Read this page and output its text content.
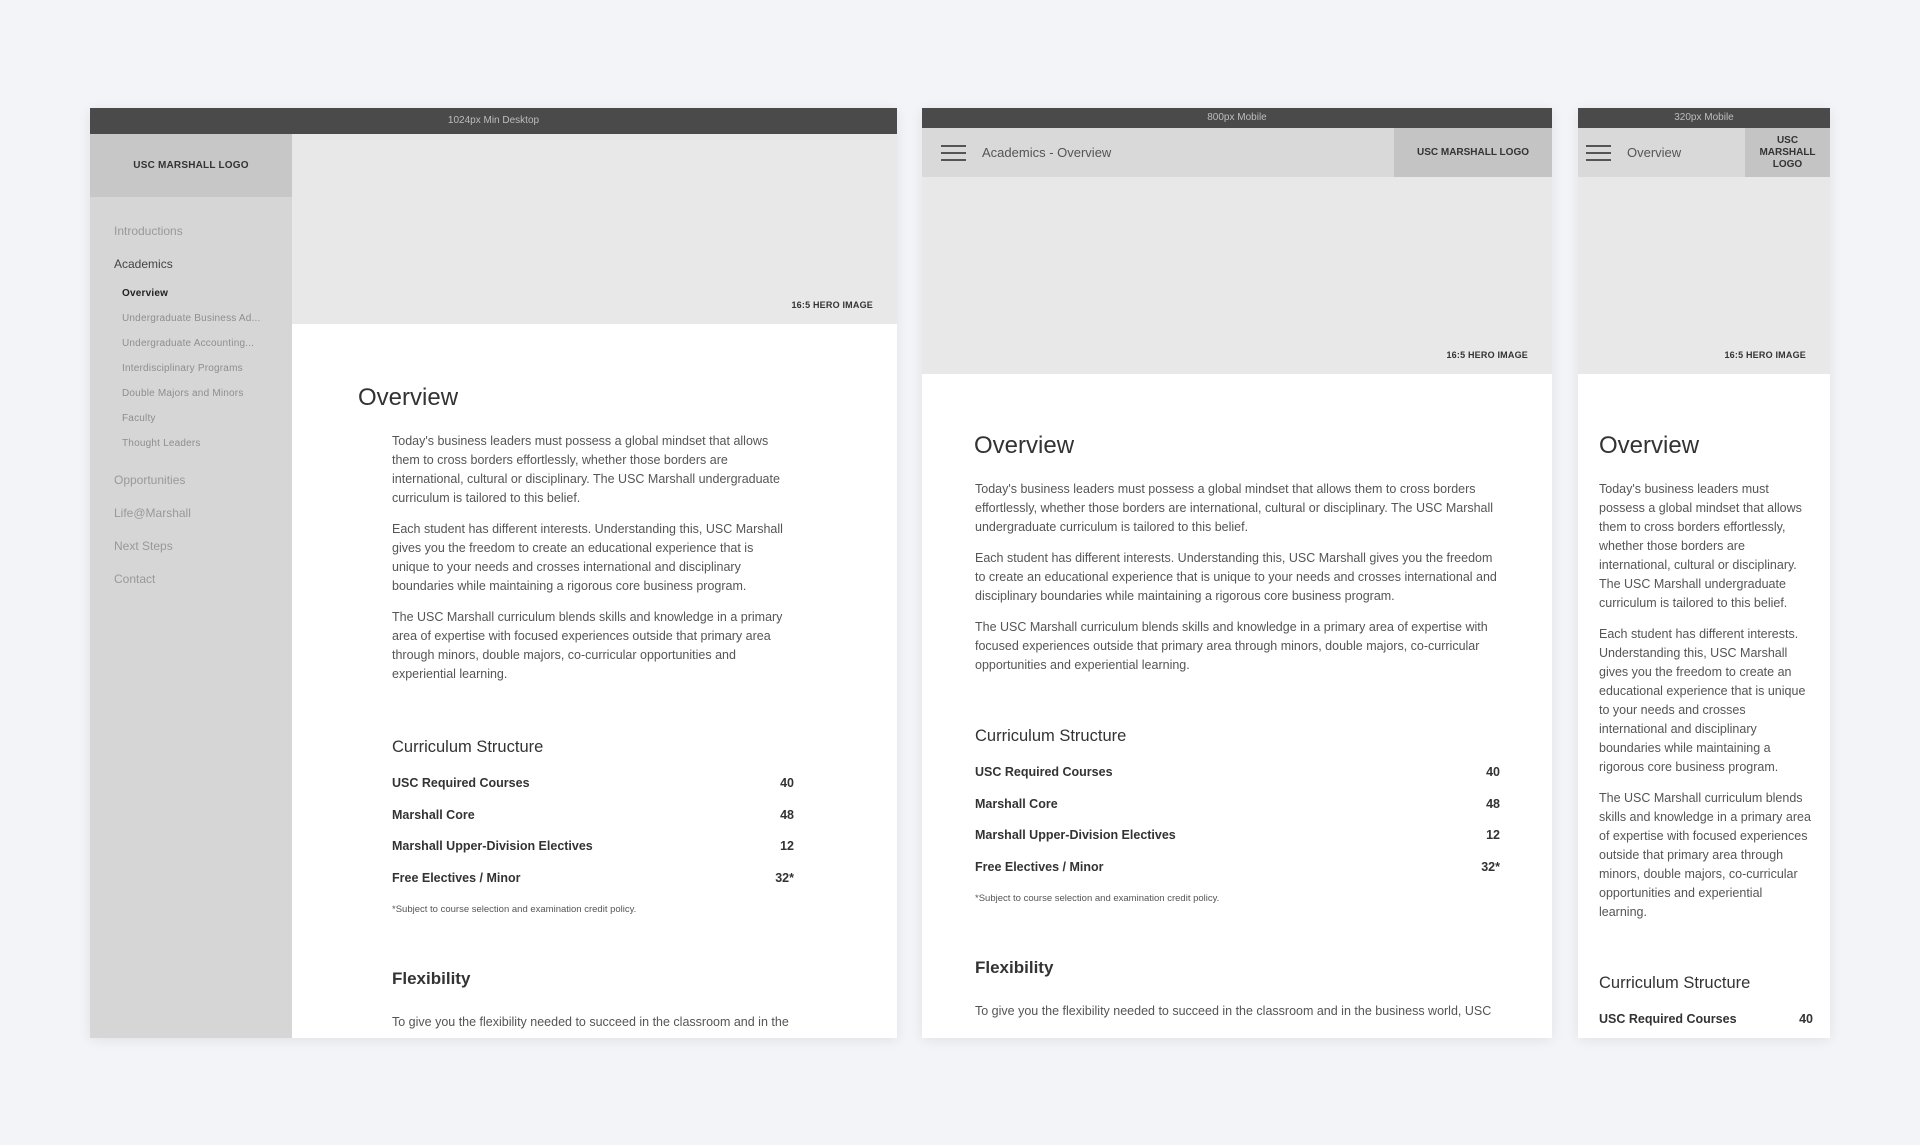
1024px Min Desktop
USC MARSHALL LOGO
Introductions
Academics
Overview
Undergraduate Business Ad...
Undergraduate Accounting...
Interdisciplinary Programs
Double Majors and Minors
Faculty
Thought Leaders
Opportunities
Life@Marshall
Next Steps
Contact
16:5 HERO IMAGE
Overview

Today's business leaders must possess a global mindset that allows them to cross borders effortlessly, whether those borders are international, cultural or disciplinary. The USC Marshall undergraduate curriculum is tailored to this belief.

Each student has different interests. Understanding this, USC Marshall gives you the freedom to create an educational experience that is unique to your needs and crosses international and disciplinary boundaries while maintaining a rigorous core business program.

The USC Marshall curriculum blends skills and knowledge in a primary area of expertise with focused experiences outside that primary area through minors, double majors, co-curricular opportunities and experiential learning.

Curriculum Structure
USC Required Courses	40
Marshall Core	48
Marshall Upper-Division Electives	12
Free Electives / Minor	32*
*Subject to course selection and examination credit policy.
Flexibility

To give you the flexibility needed to succeed in the classroom and in the

800px Mobile
Academics - Overview	USC MARSHALL LOGO
16:5 HERO IMAGE
Overview

Today's business leaders must possess a global mindset that allows them to cross borders effortlessly, whether those borders are international, cultural or disciplinary. The USC Marshall undergraduate curriculum is tailored to this belief.

Each student has different interests. Understanding this, USC Marshall gives you the freedom to create an educational experience that is unique to your needs and crosses international and disciplinary boundaries while maintaining a rigorous core business program.

The USC Marshall curriculum blends skills and knowledge in a primary area of expertise with focused experiences outside that primary area through minors, double majors, co-curricular opportunities and experiential learning.

Curriculum Structure
USC Required Courses	40
Marshall Core	48
Marshall Upper-Division Electives	12
Free Electives / Minor	32*
*Subject to course selection and examination credit policy.
Flexibility

To give you the flexibility needed to succeed in the classroom and in the business world, USC

320px Mobile
Overview
USC MARSHALL LOGO
16:5 HERO IMAGE
Overview

Today's business leaders must possess a global mindset that allows them to cross borders effortlessly, whether those borders are international, cultural or disciplinary. The USC Marshall undergraduate curriculum is tailored to this belief.

Each student has different interests. Understanding this, USC Marshall gives you the freedom to create an educational experience that is unique to your needs and crosses international and disciplinary boundaries while maintaining a rigorous core business program.

The USC Marshall curriculum blends skills and knowledge in a primary area of expertise with focused experiences outside that primary area through minors, double majors, co-curricular opportunities and experiential learning.

Curriculum Structure
USC Required Courses	40
